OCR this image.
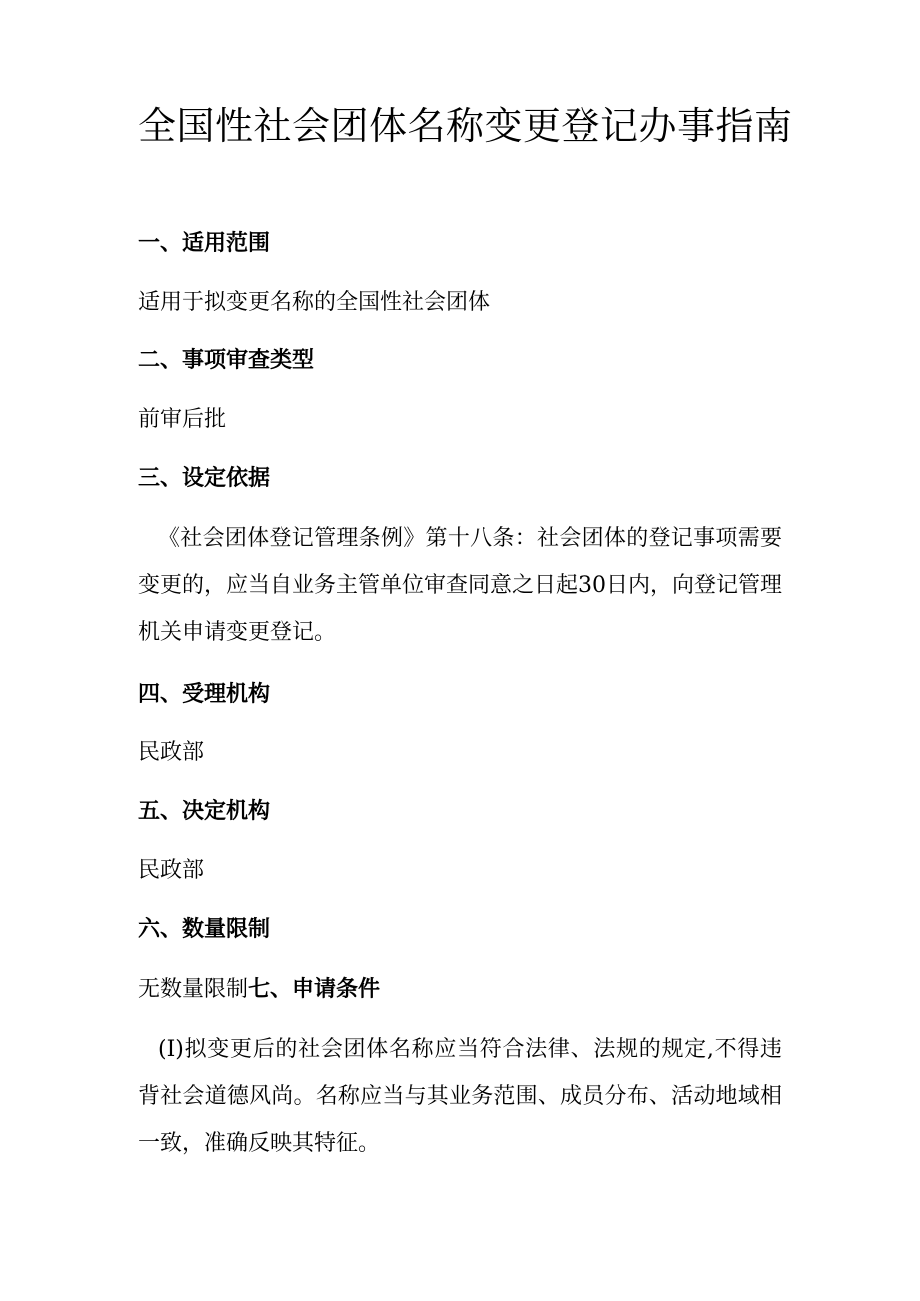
全国性社会团体名称变更登记办事指南

一、适用范围

适用于拟变更名称的全国性社会团体

二、事项审查类型

前审后批

三、设定依据

《社会团体登记管理条例》第十八条：社会团体的登记事项需要变更的，应当自业务主管单位审查同意之日起30日内，向登记管理机关申请变更登记。

四、受理机构

民政部

五、决定机构

民政部

六、数量限制

无数量限制七、申请条件

(I)拟变更后的社会团体名称应当符合法律、法规的规定,不得违背社会道德风尚。名称应当与其业务范围、成员分布、活动地域相一致，准确反映其特征。
